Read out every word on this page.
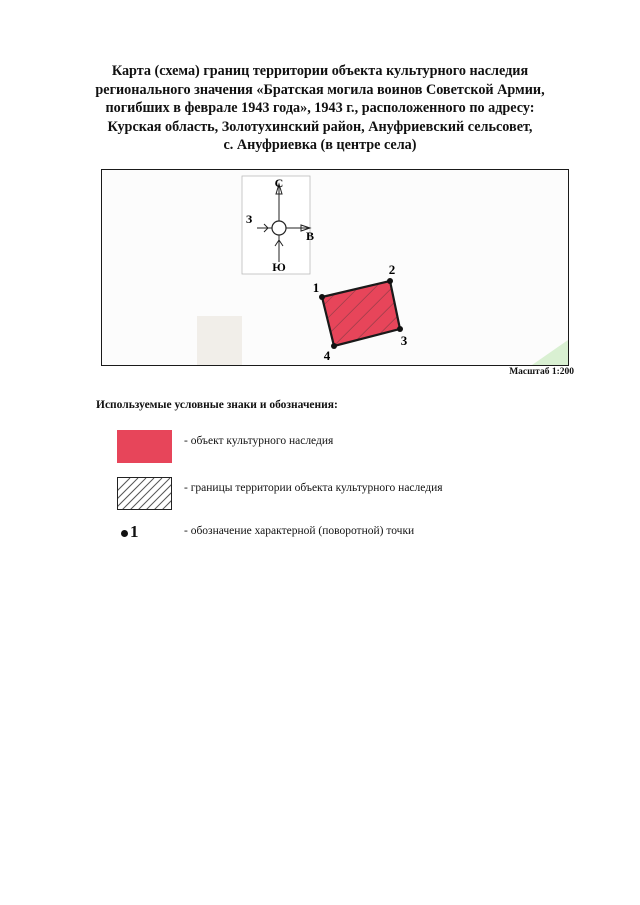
Карта (схема) границ территории объекта культурного наследия
регионального значения «Братская могила воинов Советской Армии,
погибших в феврале 1943 года», 1943 г., расположенного по адресу:
Курская область, Золотухинский район, Ануфриевский сельсовет,
с. Ануфриевка (в центре села)
С
Ю
В
З
1
2
3
4
Масштаб 1:200
Используемые условные знаки и обозначения:
- объект культурного наследия
- границы территории объекта культурного наследия
1	- обозначение характерной (поворотной) точки
